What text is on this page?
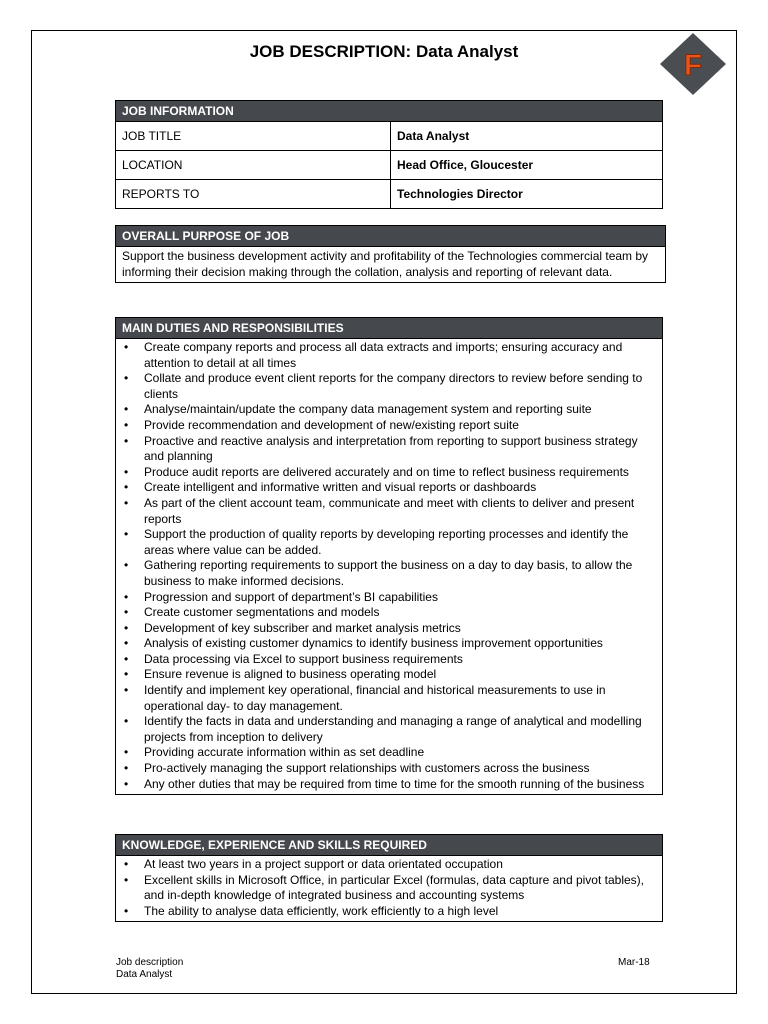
JOB DESCRIPTION: Data Analyst	F
JOB INFORMATION
JOB TITLE	Data Analyst
LOCATION	Head Office, Gloucester
REPORTS TO	Technologies Director
OVERALL PURPOSE OF JOB
Support the business development activity and profitability of the Technologies commercial team by informing their decision making through the collation, analysis and reporting of relevant data.
MAIN DUTIES AND RESPONSIBILITIES
• Create company reports and process all data extracts and imports; ensuring accuracy and attention to detail at all times
• Collate and produce event client reports for the company directors to review before sending to clients
• Analyse/maintain/update the company data management system and reporting suite
• Provide recommendation and development of new/existing report suite
• Proactive and reactive analysis and interpretation from reporting to support business strategy and planning
• Produce audit reports are delivered accurately and on time to reflect business requirements
• Create intelligent and informative written and visual reports or dashboards
• As part of the client account team, communicate and meet with clients to deliver and present reports
• Support the production of quality reports by developing reporting processes and identify the areas where value can be added.
• Gathering reporting requirements to support the business on a day to day basis, to allow the business to make informed decisions.
• Progression and support of department’s BI capabilities
• Create customer segmentations and models
• Development of key subscriber and market analysis metrics
• Analysis of existing customer dynamics to identify business improvement opportunities
• Data processing via Excel to support business requirements
• Ensure revenue is aligned to business operating model
• Identify and implement key operational, financial and historical measurements to use in operational day- to day management.
• Identify the facts in data and understanding and managing a range of analytical and modelling projects from inception to delivery
• Providing accurate information within as set deadline
• Pro-actively managing the support relationships with customers across the business
• Any other duties that may be required from time to time for the smooth running of the business
KNOWLEDGE, EXPERIENCE AND SKILLS REQUIRED
• At least two years in a project support or data orientated occupation
• Excellent skills in Microsoft Office, in particular Excel (formulas, data capture and pivot tables), and in-depth knowledge of integrated business and accounting systems
• The ability to analyse data efficiently, work efficiently to a high level
Job description
Data Analyst
Mar-18
